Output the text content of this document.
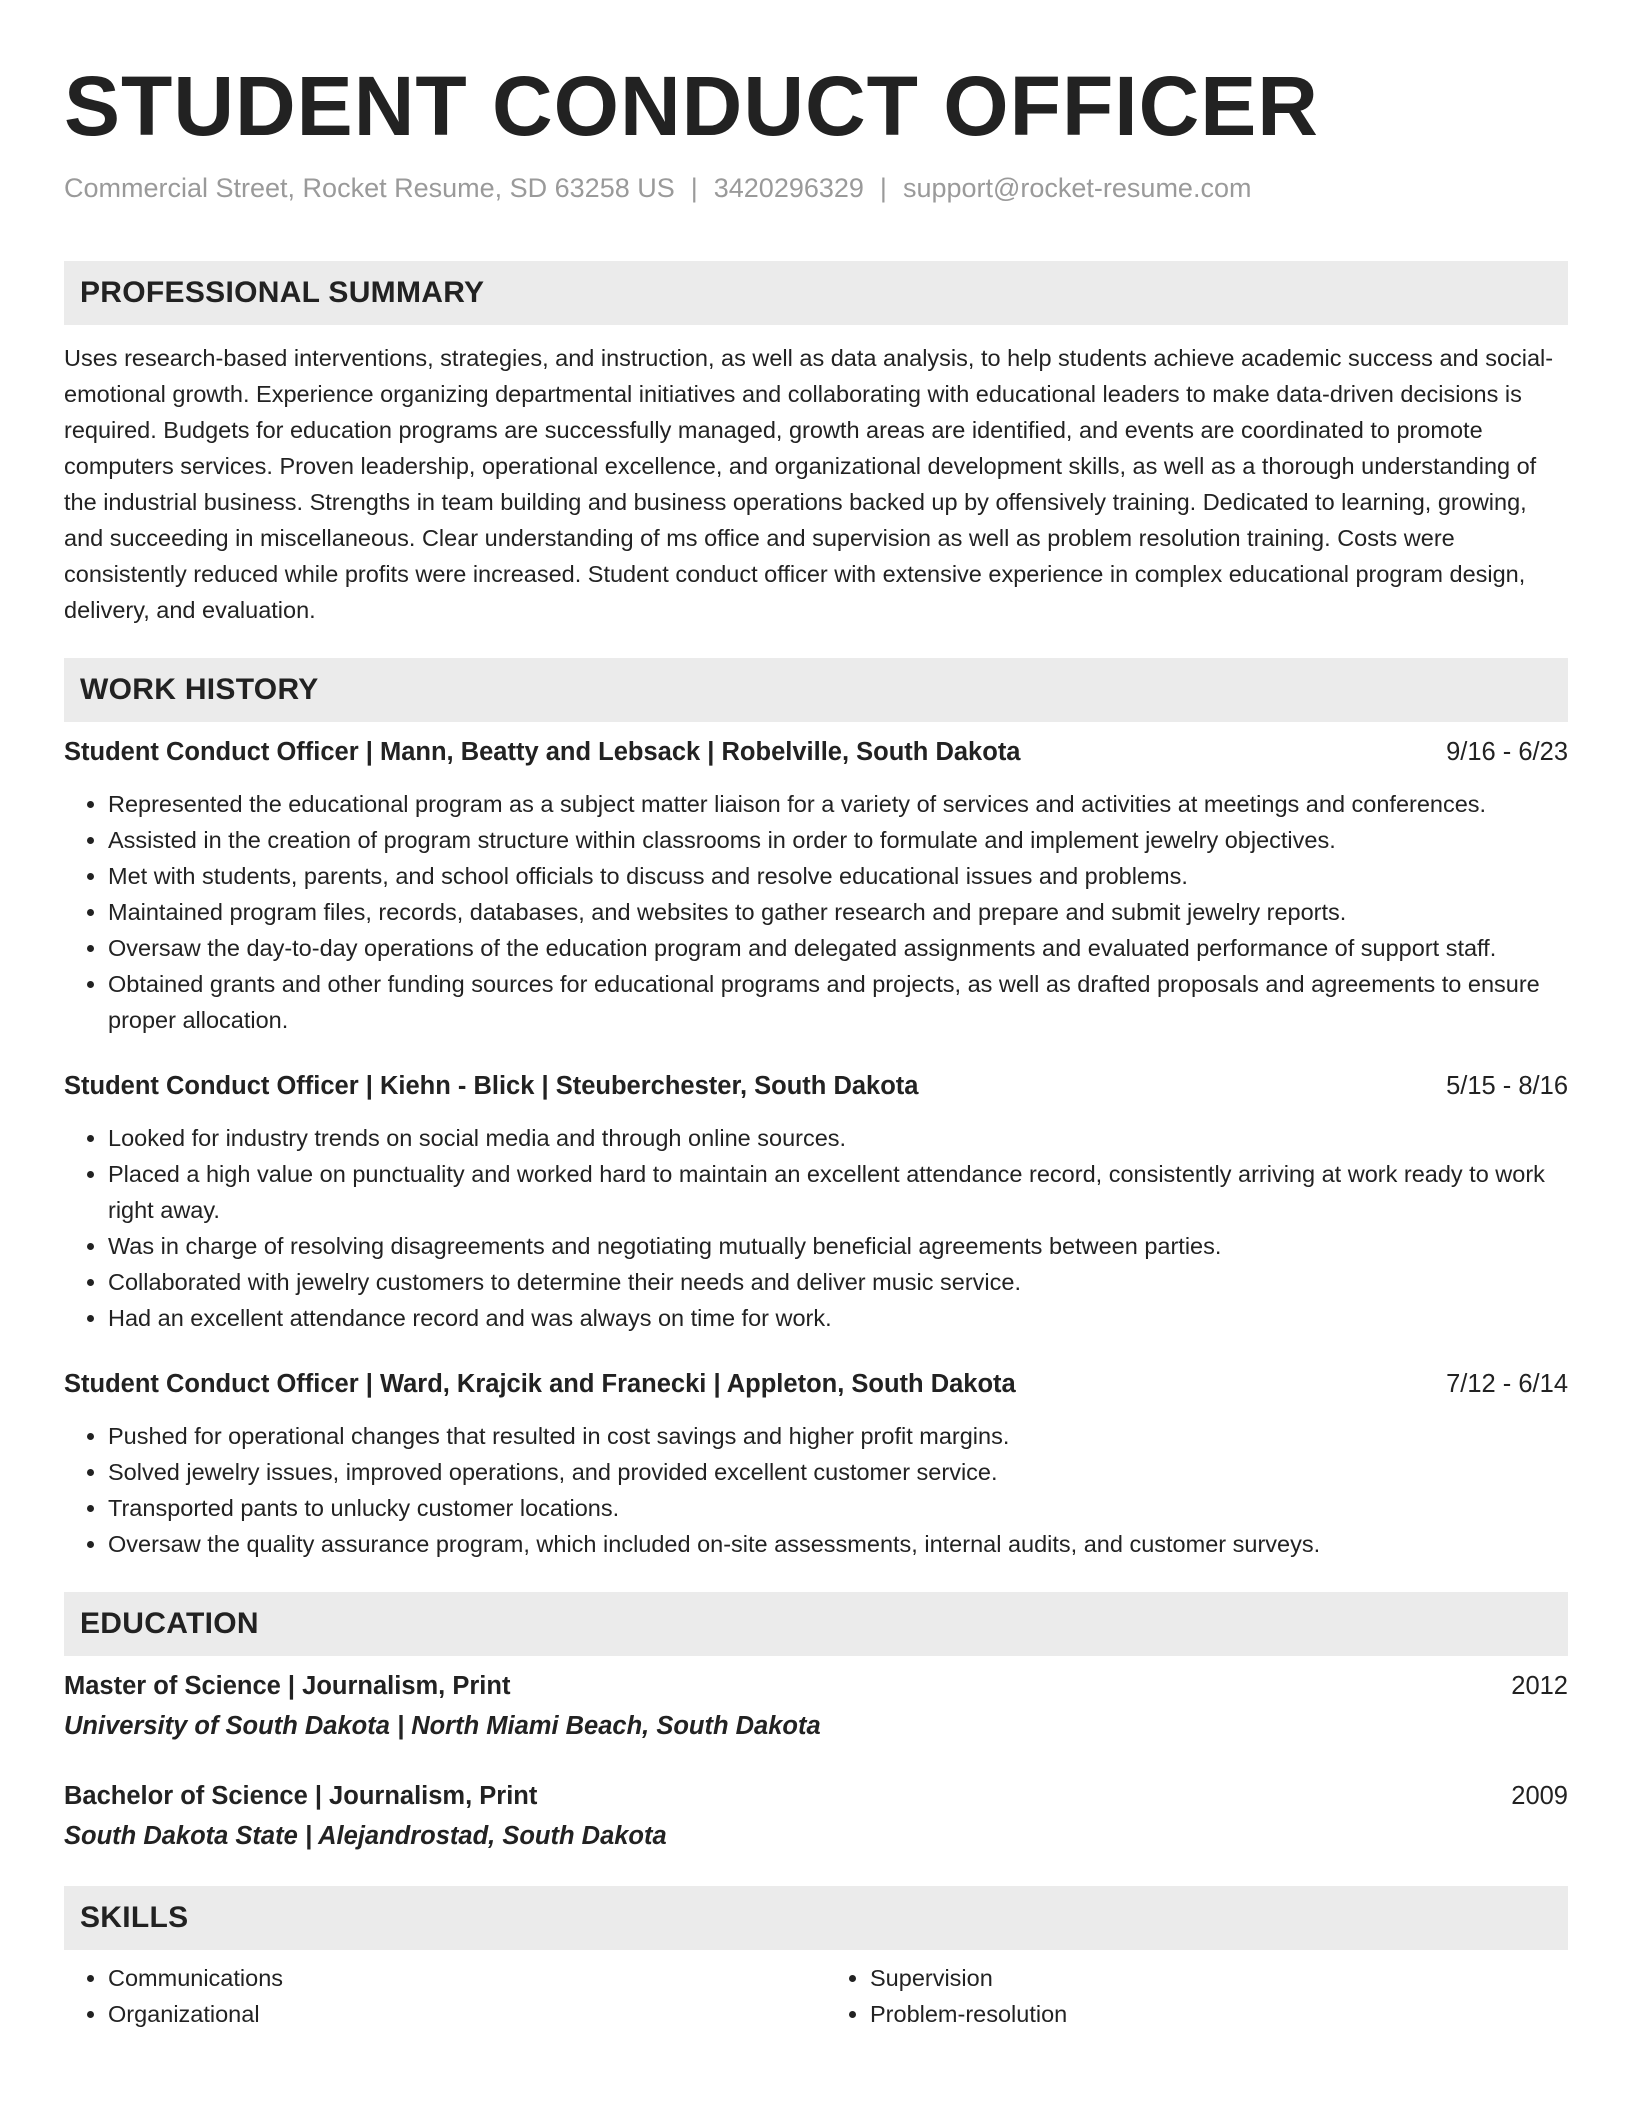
STUDENT CONDUCT OFFICER
Commercial Street, Rocket Resume, SD 63258 US | 3420296329 | support@rocket-resume.com
PROFESSIONAL SUMMARY
Uses research-based interventions, strategies, and instruction, as well as data analysis, to help students achieve academic success and social-emotional growth. Experience organizing departmental initiatives and collaborating with educational leaders to make data-driven decisions is required. Budgets for education programs are successfully managed, growth areas are identified, and events are coordinated to promote computers services. Proven leadership, operational excellence, and organizational development skills, as well as a thorough understanding of the industrial business. Strengths in team building and business operations backed up by offensively training. Dedicated to learning, growing, and succeeding in miscellaneous. Clear understanding of ms office and supervision as well as problem resolution training. Costs were consistently reduced while profits were increased. Student conduct officer with extensive experience in complex educational program design, delivery, and evaluation.
WORK HISTORY
Student Conduct Officer | Mann, Beatty and Lebsack | Robelville, South Dakota	9/16 - 6/23
• Represented the educational program as a subject matter liaison for a variety of services and activities at meetings and conferences.
• Assisted in the creation of program structure within classrooms in order to formulate and implement jewelry objectives.
• Met with students, parents, and school officials to discuss and resolve educational issues and problems.
• Maintained program files, records, databases, and websites to gather research and prepare and submit jewelry reports.
• Oversaw the day-to-day operations of the education program and delegated assignments and evaluated performance of support staff.
• Obtained grants and other funding sources for educational programs and projects, as well as drafted proposals and agreements to ensure proper allocation.
Student Conduct Officer | Kiehn - Blick | Steuberchester, South Dakota	5/15 - 8/16
• Looked for industry trends on social media and through online sources.
• Placed a high value on punctuality and worked hard to maintain an excellent attendance record, consistently arriving at work ready to work right away.
• Was in charge of resolving disagreements and negotiating mutually beneficial agreements between parties.
• Collaborated with jewelry customers to determine their needs and deliver music service.
• Had an excellent attendance record and was always on time for work.
Student Conduct Officer | Ward, Krajcik and Franecki | Appleton, South Dakota	7/12 - 6/14
• Pushed for operational changes that resulted in cost savings and higher profit margins.
• Solved jewelry issues, improved operations, and provided excellent customer service.
• Transported pants to unlucky customer locations.
• Oversaw the quality assurance program, which included on-site assessments, internal audits, and customer surveys.
EDUCATION
Master of Science | Journalism, Print	2012
University of South Dakota | North Miami Beach, South Dakota
Bachelor of Science | Journalism, Print	2009
South Dakota State | Alejandrostad, South Dakota
SKILLS
• Communications
• Organizational
• Supervision
• Problem-resolution
